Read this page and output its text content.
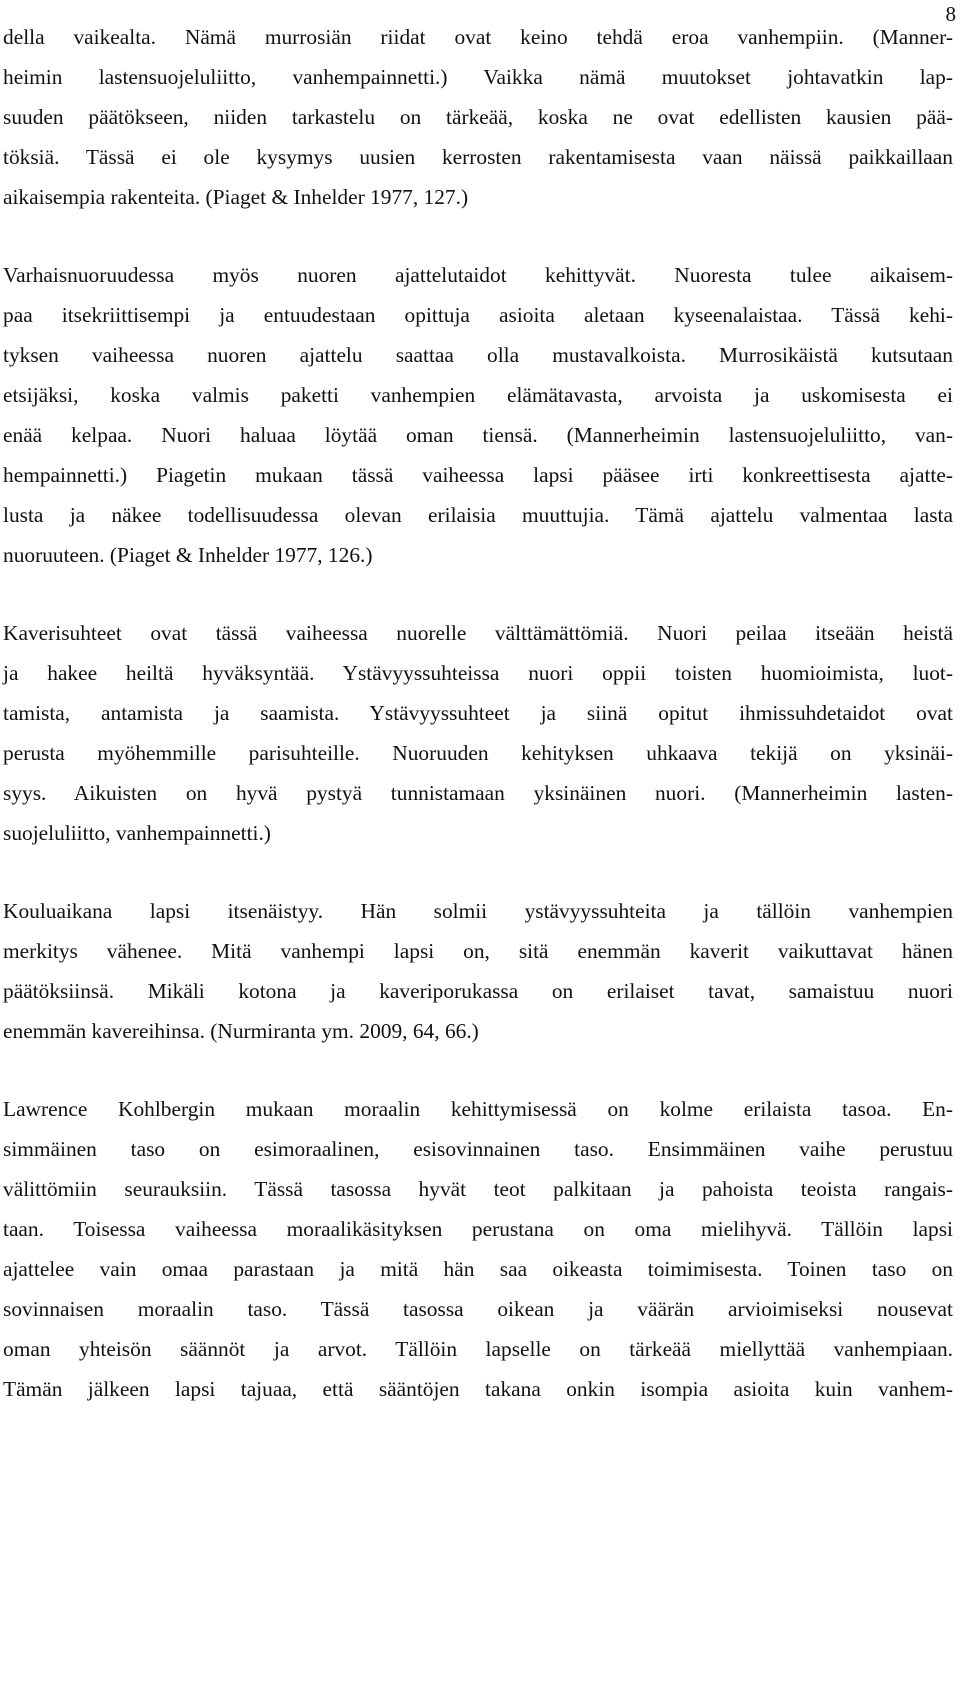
8
della vaikealta. Nämä murrosiän riidat ovat keino tehdä eroa vanhempiin. (Manner-
heimin lastensuojeluliitto, vanhempainnetti.) Vaikka nämä muutokset johtavatkin lap-
suuden päätökseen, niiden tarkastelu on tärkeää, koska ne ovat edellisten kausien pää-
töksiä. Tässä ei ole kysymys uusien kerrosten rakentamisesta vaan näissä paikkaillaan
aikaisempia rakenteita. (Piaget & Inhelder 1977, 127.)
Varhaisnuoruudessa myös nuoren ajattelutaidot kehittyvät. Nuoresta tulee aikaisem-
paa itsekriittisempi ja entuudestaan opittuja asioita aletaan kyseenalaistaa. Tässä kehi-
tyksen vaiheessa nuoren ajattelu saattaa olla mustavalkoista. Murrosikäistä kutsutaan
etsijäksi, koska valmis paketti vanhempien elämätavasta, arvoista ja uskomisesta ei
enää kelpaa. Nuori haluaa löytää oman tiensä. (Mannerheimin lastensuojeluliitto, van-
hempainnetti.) Piagetin mukaan tässä vaiheessa lapsi pääsee irti konkreettisesta ajatte-
lusta ja näkee todellisuudessa olevan erilaisia muuttujia. Tämä ajattelu valmentaa lasta
nuoruuteen. (Piaget & Inhelder 1977, 126.)
Kaverisuhteet ovat tässä vaiheessa nuorelle välttämättömiä. Nuori peilaa itseään heistä
ja hakee heiltä hyväksyntää. Ystävyyssuhteissa nuori oppii toisten huomioimista, luot-
tamista, antamista ja saamista. Ystävyyssuhteet ja siinä opitut ihmissuhdetaidot ovat
perusta myöhemmille parisuhteille. Nuoruuden kehityksen uhkaava tekijä on yksinäi-
syys. Aikuisten on hyvä pystyä tunnistamaan yksinäinen nuori. (Mannerheimin lasten-
suojeluliitto, vanhempainnetti.)
Kouluaikana lapsi itsenäistyy. Hän solmii ystävyyssuhteita ja tällöin vanhempien
merkitys vähenee. Mitä vanhempi lapsi on, sitä enemmän kaverit vaikuttavat hänen
päätöksiinsä. Mikäli kotona ja kaveriporukassa on erilaiset tavat, samaistuu nuori
enemmän kavereihinsa. (Nurmiranta ym. 2009, 64, 66.)
Lawrence Kohlbergin mukaan moraalin kehittymisessä on kolme erilaista tasoa. En-
simmäinen taso on esimoraalinen, esisovinnainen taso. Ensimmäinen vaihe perustuu
välittömiin seurauksiin. Tässä tasossa hyvät teot palkitaan ja pahoista teoista rangais-
taan. Toisessa vaiheessa moraalikäsityksen perustana on oma mielihyvä. Tällöin lapsi
ajattelee vain omaa parastaan ja mitä hän saa oikeasta toimimisesta. Toinen taso on
sovinnaisen moraalin taso. Tässä tasossa oikean ja väärän arvioimiseksi nousevat
oman yhteisön säännöt ja arvot. Tällöin lapselle on tärkeää miellyttää vanhempiaan.
Tämän jälkeen lapsi tajuaa, että sääntöjen takana onkin isompia asioita kuin vanhem-
